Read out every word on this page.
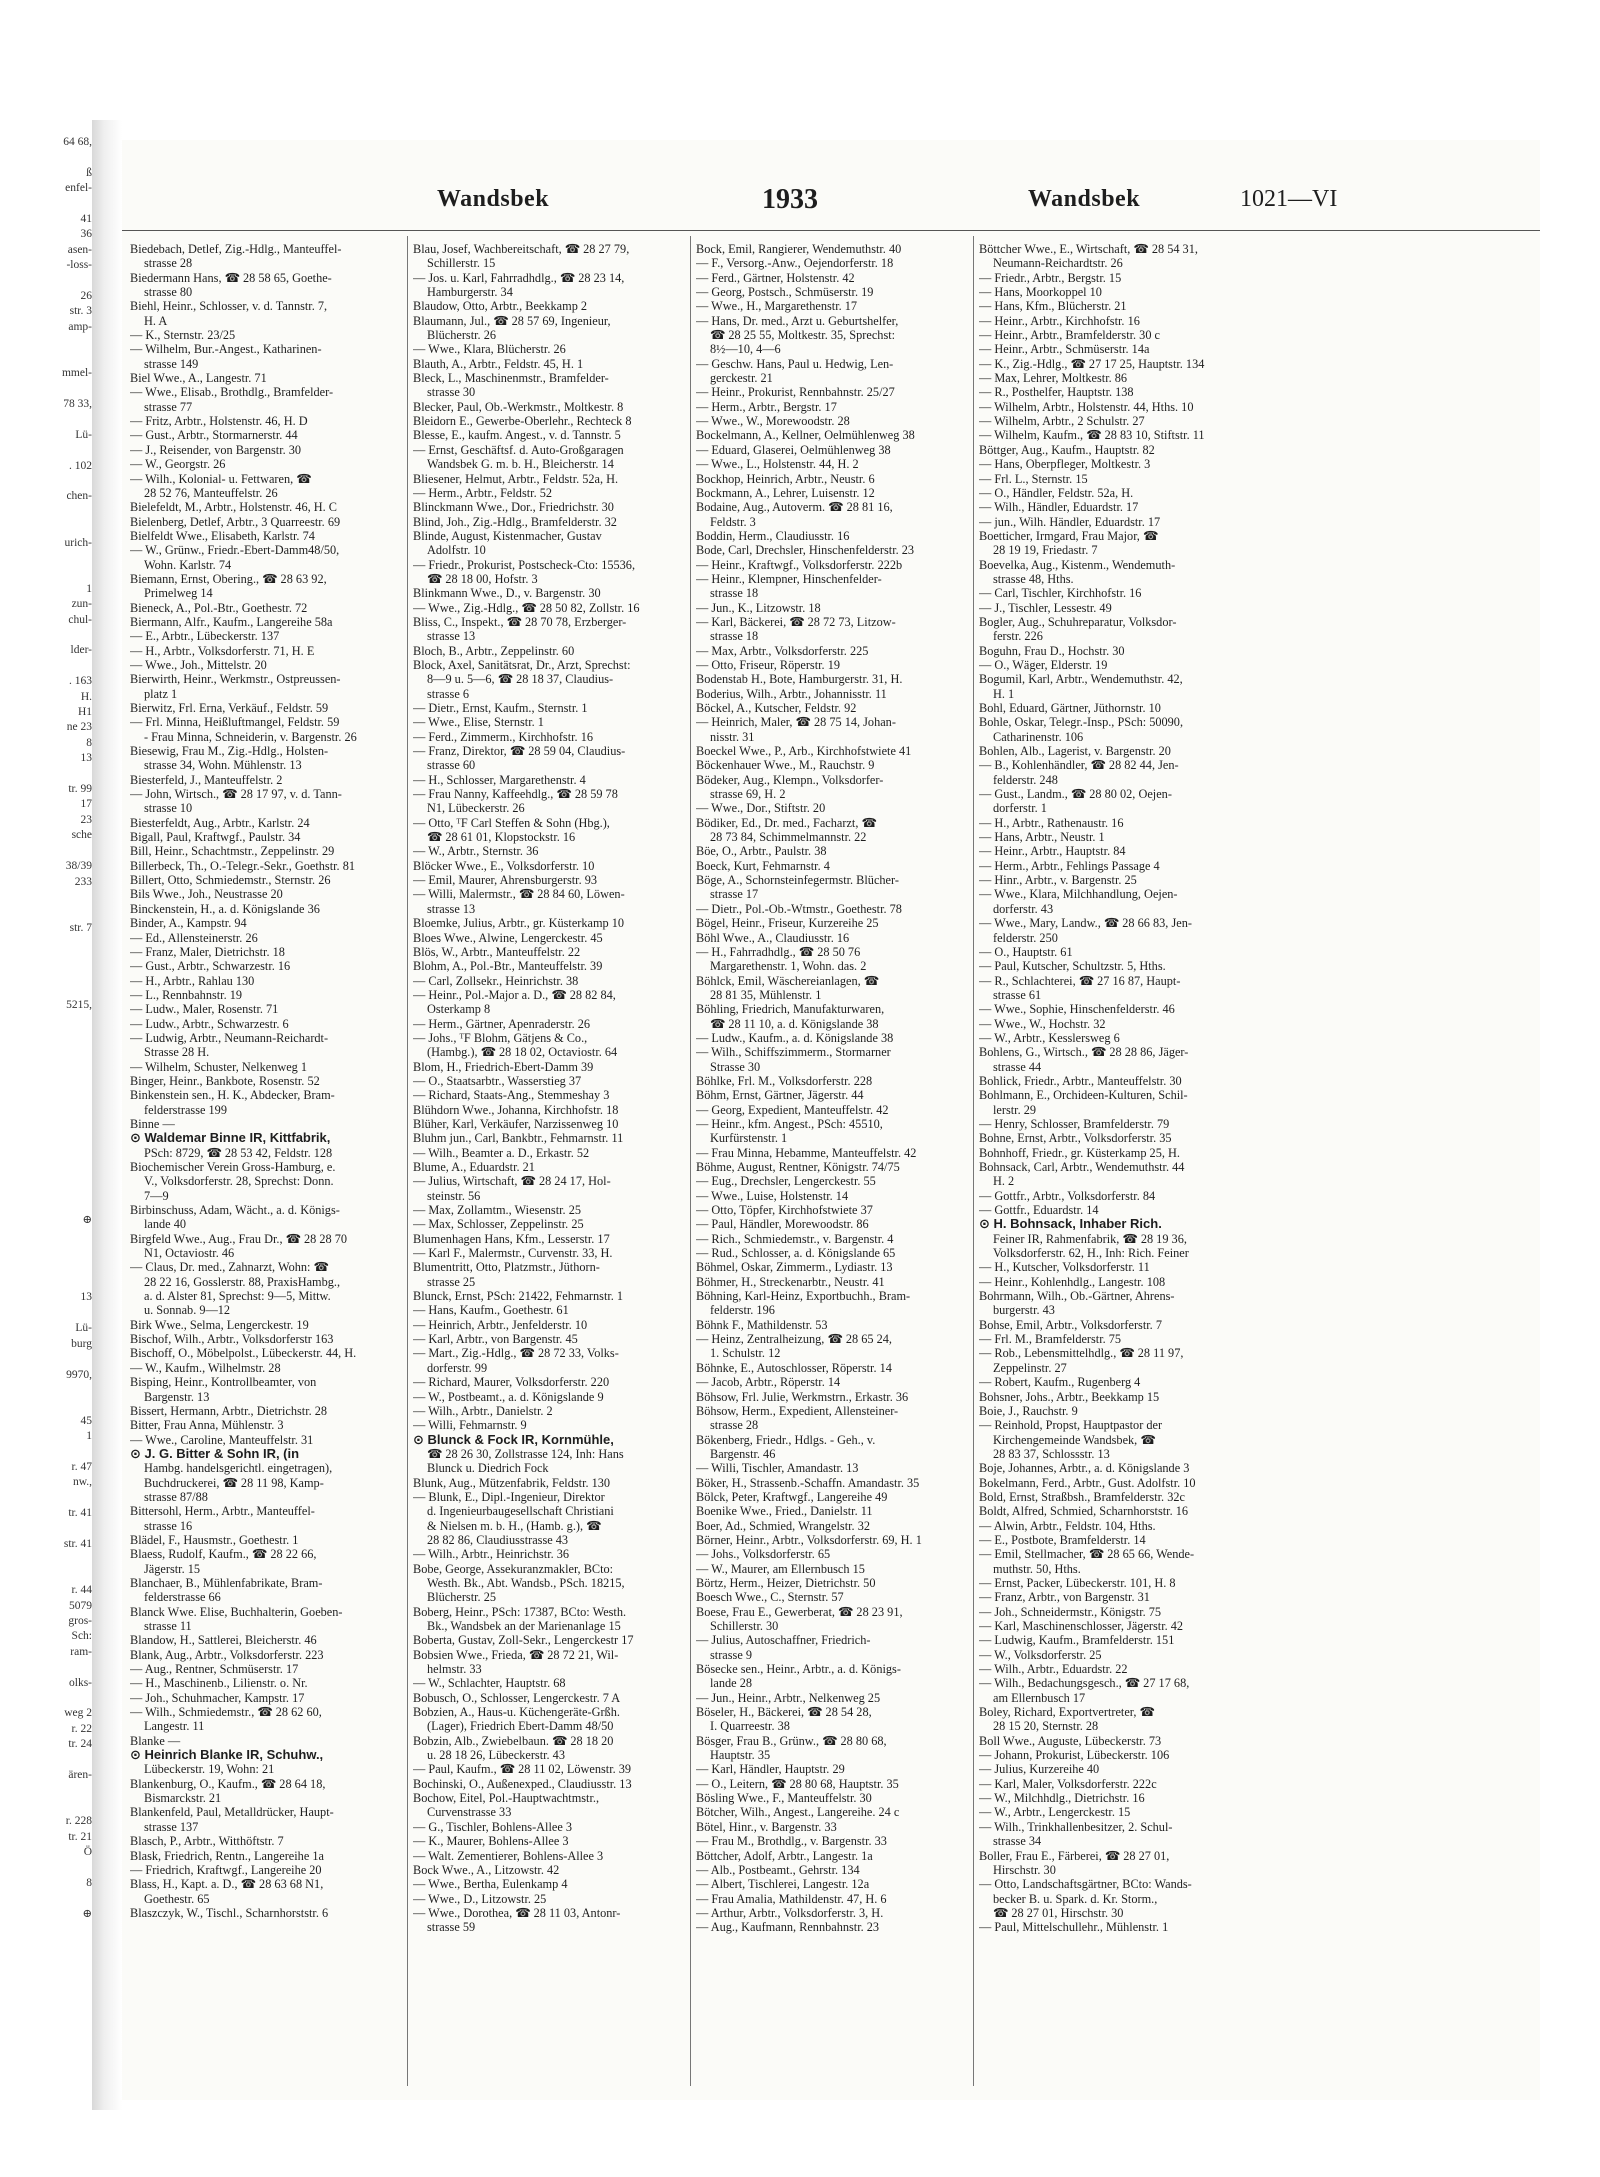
64 68,

ß
enfel-

41
36
asen-
-loss-

26
str. 3
amp-

mmel-

78 33,

Lü-

. 102

chen-

urich-

1
zun-
chul-

lder-

. 163
H.
H1
ne 23
8
13

tr. 99
17
23
sche

38/39
233

str. 7

5215,

⊕

13

Lü-
burg

9970,

45
1

r. 47
nw.,

tr. 41

str. 41

r. 44
5079
gros-
Sch:
ram-

olks-

weg 2
r. 22
tr. 24

ären-

r. 228
tr. 21
Ö

8

⊕
Wandsbek	1933	Wandsbek	1021—VI
Biedebach, Detlef, Zig.-Hdlg., Manteuffel-
strasse 28
Biedermann Hans, ☎ 28 58 65, Goethe-
strasse 80
Biehl, Heinr., Schlosser, v. d. Tannstr. 7,
H. A
— K., Sternstr. 23/25
— Wilhelm, Bur.-Angest., Katharinen-
strasse 149
Biel Wwe., A., Langestr. 71
— Wwe., Elisab., Brothdlg., Bramfelder-
strasse 77
— Fritz, Arbtr., Holstenstr. 46, H. D
— Gust., Arbtr., Stormarnerstr. 44
— J., Reisender, von Bargenstr. 30
— W., Georgstr. 26
— Wilh., Kolonial- u. Fettwaren, ☎
28 52 76, Manteuffelstr. 26
Bielefeldt, M., Arbtr., Holstenstr. 46, H. C
Bielenberg, Detlef, Arbtr., 3 Quarreestr. 69
Bielfeldt Wwe., Elisabeth, Karlstr. 74
— W., Grünw., Friedr.-Ebert-Damm48/50,
Wohn. Karlstr. 74
Biemann, Ernst, Obering., ☎ 28 63 92,
Primelweg 14
Bieneck, A., Pol.-Btr., Goethestr. 72
Biermann, Alfr., Kaufm., Langereihe 58a
— E., Arbtr., Lübeckerstr. 137
— H., Arbtr., Volksdorferstr. 71, H. E
— Wwe., Joh., Mittelstr. 20
Bierwirth, Heinr., Werkmstr., Ostpreussen-
platz 1
Bierwitz, Frl. Erna, Verkäuf., Feldstr. 59
— Frl. Minna, Heißluftmangel, Feldstr. 59
- Frau Minna, Schneiderin, v. Bargenstr. 26
Biesewig, Frau M., Zig.-Hdlg., Holsten-
strasse 34, Wohn. Mühlenstr. 13
Biesterfeld, J., Manteuffelstr. 2
— John, Wirtsch., ☎ 28 17 97, v. d. Tann-
strasse 10
Biesterfeldt, Aug., Arbtr., Karlstr. 24
Bigall, Paul, Kraftwgf., Paulstr. 34
Bill, Heinr., Schachtmstr., Zeppelinstr. 29
Billerbeck, Th., O.-Telegr.-Sekr., Goethstr. 81
Billert, Otto, Schmiedemstr., Sternstr. 26
Bils Wwe., Joh., Neustrasse 20
Binckenstein, H., a. d. Königslande 36
Binder, A., Kampstr. 94
— Ed., Allensteinerstr. 26
— Franz, Maler, Dietrichstr. 18
— Gust., Arbtr., Schwarzestr. 16
— H., Arbtr., Rahlau 130
— L., Rennbahnstr. 19
— Ludw., Maler, Rosenstr. 71
— Ludw., Arbtr., Schwarzestr. 6
— Ludwig, Arbtr., Neumann-Reichardt-
Strasse 28 H.
— Wilhelm, Schuster, Nelkenweg 1
Binger, Heinr., Bankbote, Rosenstr. 52
Binkenstein sen., H. K., Abdecker, Bram-
felderstrasse 199
Binne —
⊙ Waldemar Binne IR, Kittfabrik,
PSch: 8729, ☎ 28 53 42, Feldstr. 128
Biochemischer Verein Gross-Hamburg, e.
V., Volksdorferstr. 28, Sprechst: Donn.
7—9
Birbinschuss, Adam, Wächt., a. d. Königs-
lande 40
Birgfeld Wwe., Aug., Frau Dr., ☎ 28 28 70
N1, Octaviostr. 46
— Claus, Dr. med., Zahnarzt, Wohn: ☎
28 22 16, Gosslerstr. 88, PraxisHambg.,
a. d. Alster 81, Sprechst: 9—5, Mittw.
u. Sonnab. 9—12
Birk Wwe., Selma, Lengerckestr. 19
Bischof, Wilh., Arbtr., Volksdorferstr 163
Bischoff, O., Möbelpolst., Lübeckerstr. 44, H.
— W., Kaufm., Wilhelmstr. 28
Bisping, Heinr., Kontrollbeamter, von
Bargenstr. 13
Bissert, Hermann, Arbtr., Dietrichstr. 28
Bitter, Frau Anna, Mühlenstr. 3
— Wwe., Caroline, Manteuffelstr. 31
⊙ J. G. Bitter & Sohn IR, (in
Hambg. handelsgerichtl. eingetragen),
Buchdruckerei, ☎ 28 11 98, Kamp-
strasse 87/88
Bittersohl, Herm., Arbtr., Manteuffel-
strasse 16
Blädel, F., Hausmstr., Goethestr. 1
Blaess, Rudolf, Kaufm., ☎ 28 22 66,
Jägerstr. 15
Blanchaer, B., Mühlenfabrikate, Bram-
felderstrasse 66
Blanck Wwe. Elise, Buchhalterin, Goeben-
strasse 11
Blandow, H., Sattlerei, Bleicherstr. 46
Blank, Aug., Arbtr., Volksdorferstr. 223
— Aug., Rentner, Schmüserstr. 17
— H., Maschinenb., Lilienstr. o. Nr.
— Joh., Schuhmacher, Kampstr. 17
— Wilh., Schmiedemstr., ☎ 28 62 60,
Langestr. 11
Blanke —
⊙ Heinrich Blanke IR, Schuhw.,
Lübeckerstr. 19, Wohn: 21
Blankenburg, O., Kaufm., ☎ 28 64 18,
Bismarckstr. 21
Blankenfeld, Paul, Metalldrücker, Haupt-
strasse 137
Blasch, P., Arbtr., Witthöftstr. 7
Blask, Friedrich, Rentn., Langereihe 1a
— Friedrich, Kraftwgf., Langereihe 20
Blass, H., Kapt. a. D., ☎ 28 63 68 N1,
Goethestr. 65
Blaszczyk, W., Tischl., Scharnhorststr. 6
Blau, Josef, Wachbereitschaft, ☎ 28 27 79,
Schillerstr. 15
— Jos. u. Karl, Fahrradhdlg., ☎ 28 23 14,
Hamburgerstr. 34
Blaudow, Otto, Arbtr., Beekkamp 2
Blaumann, Jul., ☎ 28 57 69, Ingenieur,
Blücherstr. 26
— Wwe., Klara, Blücherstr. 26
Blauth, A., Arbtr., Feldstr. 45, H. 1
Bleck, L., Maschinenmstr., Bramfelder-
strasse 30
Blecker, Paul, Ob.-Werkmstr., Moltkestr. 8
Bleidorn E., Gewerbe-Oberlehr., Rechteck 8
Blesse, E., kaufm. Angest., v. d. Tannstr. 5
— Ernst, Geschäftsf. d. Auto-Großgaragen
Wandsbek G. m. b. H., Bleicherstr. 14
Bliesener, Helmut, Arbtr., Feldstr. 52a, H.
— Herm., Arbtr., Feldstr. 52
Blinckmann Wwe., Dor., Friedrichstr. 30
Blind, Joh., Zig.-Hdlg., Bramfelderstr. 32
Blinde, August, Kistenmacher, Gustav
Adolfstr. 10
— Friedr., Prokurist, Postscheck-Cto: 15536,
☎ 28 18 00, Hofstr. 3
Blinkmann Wwe., D., v. Bargenstr. 30
— Wwe., Zig.-Hdlg., ☎ 28 50 82, Zollstr. 16
Bliss, C., Inspekt., ☎ 28 70 78, Erzberger-
strasse 13
Bloch, B., Arbtr., Zeppelinstr. 60
Block, Axel, Sanitätsrat, Dr., Arzt, Sprechst:
8—9 u. 5—6, ☎ 28 18 37, Claudius-
strasse 6
— Dietr., Ernst, Kaufm., Sternstr. 1
— Wwe., Elise, Sternstr. 1
— Ferd., Zimmerm., Kirchhofstr. 16
— Franz, Direktor, ☎ 28 59 04, Claudius-
strasse 60
— H., Schlosser, Margarethenstr. 4
— Frau Nanny, Kaffeehdlg., ☎ 28 59 78
N1, Lübeckerstr. 26
— Otto, ᵀF Carl Steffen & Sohn (Hbg.),
☎ 28 61 01, Klopstockstr. 16
— W., Arbtr., Sternstr. 36
Blöcker Wwe., E., Volksdorferstr. 10
— Emil, Maurer, Ahrensburgerstr. 93
— Willi, Malermstr., ☎ 28 84 60, Löwen-
strasse 13
Bloemke, Julius, Arbtr., gr. Küsterkamp 10
Bloes Wwe., Alwine, Lengerckestr. 45
Blös, W., Arbtr., Manteuffelstr. 22
Blohm, A., Pol.-Btr., Manteuffelstr. 39
— Carl, Zollsekr., Heinrichstr. 38
— Heinr., Pol.-Major a. D., ☎ 28 82 84,
Osterkamp 8
— Herm., Gärtner, Apenraderstr. 26
— Johs., ᵀF Blohm, Gätjens & Co.,
(Hambg.), ☎ 28 18 02, Octaviostr. 64
Blom, H., Friedrich-Ebert-Damm 39
— O., Staatsarbtr., Wasserstieg 37
— Richard, Staats-Ang., Stemmeshay 3
Blühdorn Wwe., Johanna, Kirchhofstr. 18
Blüher, Karl, Verkäufer, Narzissenweg 10
Bluhm jun., Carl, Bankbtr., Fehmarnstr. 11
— Wilh., Beamter a. D., Erkastr. 52
Blume, A., Eduardstr. 21
— Julius, Wirtschaft, ☎ 28 24 17, Hol-
steinstr. 56
— Max, Zollamtm., Wiesenstr. 25
— Max, Schlosser, Zeppelinstr. 25
Blumenhagen Hans, Kfm., Lesserstr. 17
— Karl F., Malermstr., Curvenstr. 33, H.
Blumentritt, Otto, Platzmstr., Jüthorn-
strasse 25
Blunck, Ernst, PSch: 21422, Fehmarnstr. 1
— Hans, Kaufm., Goethestr. 61
— Heinrich, Arbtr., Jenfelderstr. 10
— Karl, Arbtr., von Bargenstr. 45
— Mart., Zig.-Hdlg., ☎ 28 72 33, Volks-
dorferstr. 99
— Richard, Maurer, Volksdorferstr. 220
— W., Postbeamt., a. d. Königslande 9
— Wilh., Arbtr., Danielstr. 2
— Willi, Fehmarnstr. 9
⊙ Blunck & Fock IR, Kornmühle,
☎ 28 26 30, Zollstrasse 124, Inh: Hans
Blunck u. Diedrich Fock
Blunk, Aug., Mützenfabrik, Feldstr. 130
— Blunk, E., Dipl.-Ingenieur, Direktor
d. Ingenieurbaugesellschaft Christiani
& Nielsen m. b. H., (Hamb. g.), ☎
28 82 86, Claudiusstrasse 43
— Wilh., Arbtr., Heinrichstr. 36
Bobe, George, Assekuranzmakler, BCto:
Westh. Bk., Abt. Wandsb., PSch. 18215,
Blücherstr. 25
Boberg, Heinr., PSch: 17387, BCto: Westh.
Bk., Wandsbek an der Marienanlage 15
Boberta, Gustav, Zoll-Sekr., Lengerckestr 17
Bobsien Wwe., Frieda, ☎ 28 72 21, Wil-
helmstr. 33
— W., Schlachter, Hauptstr. 68
Bobusch, O., Schlosser, Lengerckestr. 7 A
Bobzien, A., Haus-u. Küchengeräte-Grßh.
(Lager), Friedrich Ebert-Damm 48/50
Bobzin, Alb., Zwiebelbaun. ☎ 28 18 20
u. 28 18 26, Lübeckerstr. 43
— Paul, Kaufm., ☎ 28 11 02, Löwenstr. 39
Bochinski, O., Außenexped., Claudiusstr. 13
Bochow, Eitel, Pol.-Hauptwachtmstr.,
Curvenstrasse 33
— G., Tischler, Bohlens-Allee 3
— K., Maurer, Bohlens-Allee 3
— Walt. Zementierer, Bohlens-Allee 3
Bock Wwe., A., Litzowstr. 42
— Wwe., Bertha, Eulenkamp 4
— Wwe., D., Litzowstr. 25
— Wwe., Dorothea, ☎ 28 11 03, Antonr-
strasse 59
Bock, Emil, Rangierer, Wendemuthstr. 40
— F., Versorg.-Anw., Oejendorferstr. 18
— Ferd., Gärtner, Holstenstr. 42
— Georg, Postsch., Schmüserstr. 19
— Wwe., H., Margarethenstr. 17
— Hans, Dr. med., Arzt u. Geburtshelfer,
☎ 28 25 55, Moltkestr. 35, Sprechst:
8½—10, 4—6
— Geschw. Hans, Paul u. Hedwig, Len-
gerckestr. 21
— Heinr., Prokurist, Rennbahnstr. 25/27
— Herm., Arbtr., Bergstr. 17
— Wwe., W., Morewoodstr. 28
Bockelmann, A., Kellner, Oelmühlenweg 38
— Eduard, Glaserei, Oelmühlenweg 38
— Wwe., L., Holstenstr. 44, H. 2
Bockhop, Heinrich, Arbtr., Neustr. 6
Bockmann, A., Lehrer, Luisenstr. 12
Bodaine, Aug., Autoverm. ☎ 28 81 16,
Feldstr. 3
Boddin, Herm., Claudiusstr. 16
Bode, Carl, Drechsler, Hinschenfelderstr. 23
— Heinr., Kraftwgf., Volksdorferstr. 222b
— Heinr., Klempner, Hinschenfelder-
strasse 18
— Jun., K., Litzowstr. 18
— Karl, Bäckerei, ☎ 28 72 73, Litzow-
strasse 18
— Max, Arbtr., Volksdorferstr. 225
— Otto, Friseur, Röperstr. 19
Bodenstab H., Bote, Hamburgerstr. 31, H.
Boderius, Wilh., Arbtr., Johannisstr. 11
Böckel, A., Kutscher, Feldstr. 92
— Heinrich, Maler, ☎ 28 75 14, Johan-
nisstr. 31
Boeckel Wwe., P., Arb., Kirchhofstwiete 41
Böckenhauer Wwe., M., Rauchstr. 9
Bödeker, Aug., Klempn., Volksdorfer-
strasse 69, H. 2
— Wwe., Dor., Stiftstr. 20
Bödiker, Ed., Dr. med., Facharzt, ☎
28 73 84, Schimmelmannstr. 22
Böe, O., Arbtr., Paulstr. 38
Boeck, Kurt, Fehmarnstr. 4
Böge, A., Schornsteinfegermstr. Blücher-
strasse 17
— Dietr., Pol.-Ob.-Wtmstr., Goethestr. 78
Bögel, Heinr., Friseur, Kurzereihe 25
Böhl Wwe., A., Claudiusstr. 16
— H., Fahrradhdlg., ☎ 28 50 76
Margarethenstr. 1, Wohn. das. 2
Böhlck, Emil, Wäschereianlagen, ☎
28 81 35, Mühlenstr. 1
Böhling, Friedrich, Manufakturwaren,
☎ 28 11 10, a. d. Königslande 38
— Ludw., Kaufm., a. d. Königslande 38
— Wilh., Schiffszimmerm., Stormarner
Strasse 30
Böhlke, Frl. M., Volksdorferstr. 228
Böhm, Ernst, Gärtner, Jägerstr. 44
— Georg, Expedient, Manteuffelstr. 42
— Heinr., kfm. Angest., PSch: 45510,
Kurfürstenstr. 1
— Frau Minna, Hebamme, Manteuffelstr. 42
Böhme, August, Rentner, Königstr. 74/75
— Eug., Drechsler, Lengerckestr. 55
— Wwe., Luise, Holstenstr. 14
— Otto, Töpfer, Kirchhofstwiete 37
— Paul, Händler, Morewoodstr. 86
— Rich., Schmiedemstr., v. Bargenstr. 4
— Rud., Schlosser, a. d. Königslande 65
Böhmel, Oskar, Zimmerm., Lydiastr. 13
Böhmer, H., Streckenarbtr., Neustr. 41
Böhning, Karl-Heinz, Exportbuchh., Bram-
felderstr. 196
Böhnk F., Mathildenstr. 53
— Heinz, Zentralheizung, ☎ 28 65 24,
1. Schulstr. 12
Böhnke, E., Autoschlosser, Röperstr. 14
— Jacob, Arbtr., Röperstr. 14
Böhsow, Frl. Julie, Werkmstrn., Erkastr. 36
Böhsow, Herm., Expedient, Allensteiner-
strasse 28
Bökenberg, Friedr., Hdlgs. - Geh., v.
Bargenstr. 46
— Willi, Tischler, Amandastr. 13
Böker, H., Strassenb.-Schaffn. Amandastr. 35
Bölck, Peter, Kraftwgf., Langereihe 49
Boenike Wwe., Fried., Danielstr. 11
Boer, Ad., Schmied, Wrangelstr. 32
Börner, Heinr., Arbtr., Volksdorferstr. 69, H. 1
— Johs., Volksdorferstr. 65
— W., Maurer, am Ellernbusch 15
Börtz, Herm., Heizer, Dietrichstr. 50
Boesch Wwe., C., Sternstr. 57
Boese, Frau E., Gewerberat, ☎ 28 23 91,
Schillerstr. 30
— Julius, Autoschaffner, Friedrich-
strasse 9
Bösecke sen., Heinr., Arbtr., a. d. Königs-
lande 28
— Jun., Heinr., Arbtr., Nelkenweg 25
Böseler, H., Bäckerei, ☎ 28 54 28,
I. Quarreestr. 38
Bösger, Frau B., Grünw., ☎ 28 80 68,
Hauptstr. 35
— Karl, Händler, Hauptstr. 29
— O., Leitern, ☎ 28 80 68, Hauptstr. 35
Bösling Wwe., F., Manteuffelstr. 30
Bötcher, Wilh., Angest., Langereihe. 24 c
Bötel, Hinr., v. Bargenstr. 33
— Frau M., Brothdlg., v. Bargenstr. 33
Böttcher, Adolf, Arbtr., Langestr. 1a
— Alb., Postbeamt., Gehrstr. 134
— Albert, Tischlerei, Langestr. 12a
— Frau Amalia, Mathildenstr. 47, H. 6
— Arthur, Arbtr., Volksdorferstr. 3, H.
— Aug., Kaufmann, Rennbahnstr. 23
Böttcher Wwe., E., Wirtschaft, ☎ 28 54 31,
Neumann-Reichardtstr. 26
— Friedr., Arbtr., Bergstr. 15
— Hans, Moorkoppel 10
— Hans, Kfm., Blücherstr. 21
— Heinr., Arbtr., Kirchhofstr. 16
— Heinr., Arbtr., Bramfelderstr. 30 c
— Heinr., Arbtr., Schmüserstr. 14a
— K., Zig.-Hdlg., ☎ 27 17 25, Hauptstr. 134
— Max, Lehrer, Moltkestr. 86
— R., Posthelfer, Hauptstr. 138
— Wilhelm, Arbtr., Holstenstr. 44, Hths. 10
— Wilhelm, Arbtr., 2 Schulstr. 27
— Wilhelm, Kaufm., ☎ 28 83 10, Stiftstr. 11
Böttger, Aug., Kaufm., Hauptstr. 82
— Hans, Oberpfleger, Moltkestr. 3
— Frl. L., Sternstr. 15
— O., Händler, Feldstr. 52a, H.
— Wilh., Händler, Eduardstr. 17
— jun., Wilh. Händler, Eduardstr. 17
Boetticher, Irmgard, Frau Major, ☎
28 19 19, Friedastr. 7
Boevelka, Aug., Kistenm., Wendemuth-
strasse 48, Hths.
— Carl, Tischler, Kirchhofstr. 16
— J., Tischler, Lessestr. 49
Bogler, Aug., Schuhreparatur, Volksdor-
ferstr. 226
Boguhn, Frau D., Hochstr. 30
— O., Wäger, Elderstr. 19
Bogumil, Karl, Arbtr., Wendemuthstr. 42,
H. 1
Bohl, Eduard, Gärtner, Jüthornstr. 10
Bohle, Oskar, Telegr.-Insp., PSch: 50090,
Catharinenstr. 106
Bohlen, Alb., Lagerist, v. Bargenstr. 20
— B., Kohlenhändler, ☎ 28 82 44, Jen-
felderstr. 248
— Gust., Landm., ☎ 28 80 02, Oejen-
dorferstr. 1
— H., Arbtr., Rathenaustr. 16
— Hans, Arbtr., Neustr. 1
— Heinr., Arbtr., Hauptstr. 84
— Herm., Arbtr., Fehlings Passage 4
— Hinr., Arbtr., v. Bargenstr. 25
— Wwe., Klara, Milchhandlung, Oejen-
dorferstr. 43
— Wwe., Mary, Landw., ☎ 28 66 83, Jen-
felderstr. 250
— O., Hauptstr. 61
— Paul, Kutscher, Schultzstr. 5, Hths.
— R., Schlachterei, ☎ 27 16 87, Haupt-
strasse 61
— Wwe., Sophie, Hinschenfelderstr. 46
— Wwe., W., Hochstr. 32
— W., Arbtr., Kesslersweg 6
Bohlens, G., Wirtsch., ☎ 28 28 86, Jäger-
strasse 44
Bohlick, Friedr., Arbtr., Manteuffelstr. 30
Bohlmann, E., Orchideen-Kulturen, Schil-
lerstr. 29
— Henry, Schlosser, Bramfelderstr. 79
Bohne, Ernst, Arbtr., Volksdorferstr. 35
Bohnhoff, Friedr., gr. Küsterkamp 25, H.
Bohnsack, Carl, Arbtr., Wendemuthstr. 44
H. 2
— Gottfr., Arbtr., Volksdorferstr. 84
— Gottfr., Eduardstr. 14
⊙ H. Bohnsack, Inhaber Rich.
Feiner IR, Rahmenfabrik, ☎ 28 19 36,
Volksdorferstr. 62, H., Inh: Rich. Feiner
— H., Kutscher, Volksdorferstr. 11
— Heinr., Kohlenhdlg., Langestr. 108
Bohrmann, Wilh., Ob.-Gärtner, Ahrens-
burgerstr. 43
Bohse, Emil, Arbtr., Volksdorferstr. 7
— Frl. M., Bramfelderstr. 75
— Rob., Lebensmittelhdlg., ☎ 28 11 97,
Zeppelinstr. 27
— Robert, Kaufm., Rugenberg 4
Bohsner, Johs., Arbtr., Beekkamp 15
Boie, J., Rauchstr. 9
— Reinhold, Propst, Hauptpastor der
Kirchengemeinde Wandsbek, ☎
28 83 37, Schlossstr. 13
Boje, Johannes, Arbtr., a. d. Königslande 3
Bokelmann, Ferd., Arbtr., Gust. Adolfstr. 10
Bold, Ernst, Straßbsh., Bramfelderstr. 32c
Boldt, Alfred, Schmied, Scharnhorststr. 16
— Alwin, Arbtr., Feldstr. 104, Hths.
— E., Postbote, Bramfelderstr. 14
— Emil, Stellmacher, ☎ 28 65 66, Wende-
muthstr. 50, Hths.
— Ernst, Packer, Lübeckerstr. 101, H. 8
— Franz, Arbtr., von Bargenstr. 31
— Joh., Schneidermstr., Königstr. 75
— Karl, Maschinenschlosser, Jägerstr. 42
— Ludwig, Kaufm., Bramfelderstr. 151
— W., Volksdorferstr. 25
— Wilh., Arbtr., Eduardstr. 22
— Wilh., Bedachungsgesch., ☎ 27 17 68,
am Ellernbusch 17
Boley, Richard, Exportvertreter, ☎
28 15 20, Sternstr. 28
Boll Wwe., Auguste, Lübeckerstr. 73
— Johann, Prokurist, Lübeckerstr. 106
— Julius, Kurzereihe 40
— Karl, Maler, Volksdorferstr. 222c
— W., Milchhdlg., Dietrichstr. 16
— W., Arbtr., Lengerckestr. 15
— Wilh., Trinkhallenbesitzer, 2. Schul-
strasse 34
Boller, Frau E., Färberei, ☎ 28 27 01,
Hirschstr. 30
— Otto, Landschaftsgärtner, BCto: Wands-
becker B. u. Spark. d. Kr. Storm.,
☎ 28 27 01, Hirschstr. 30
— Paul, Mittelschullehr., Mühlenstr. 1
